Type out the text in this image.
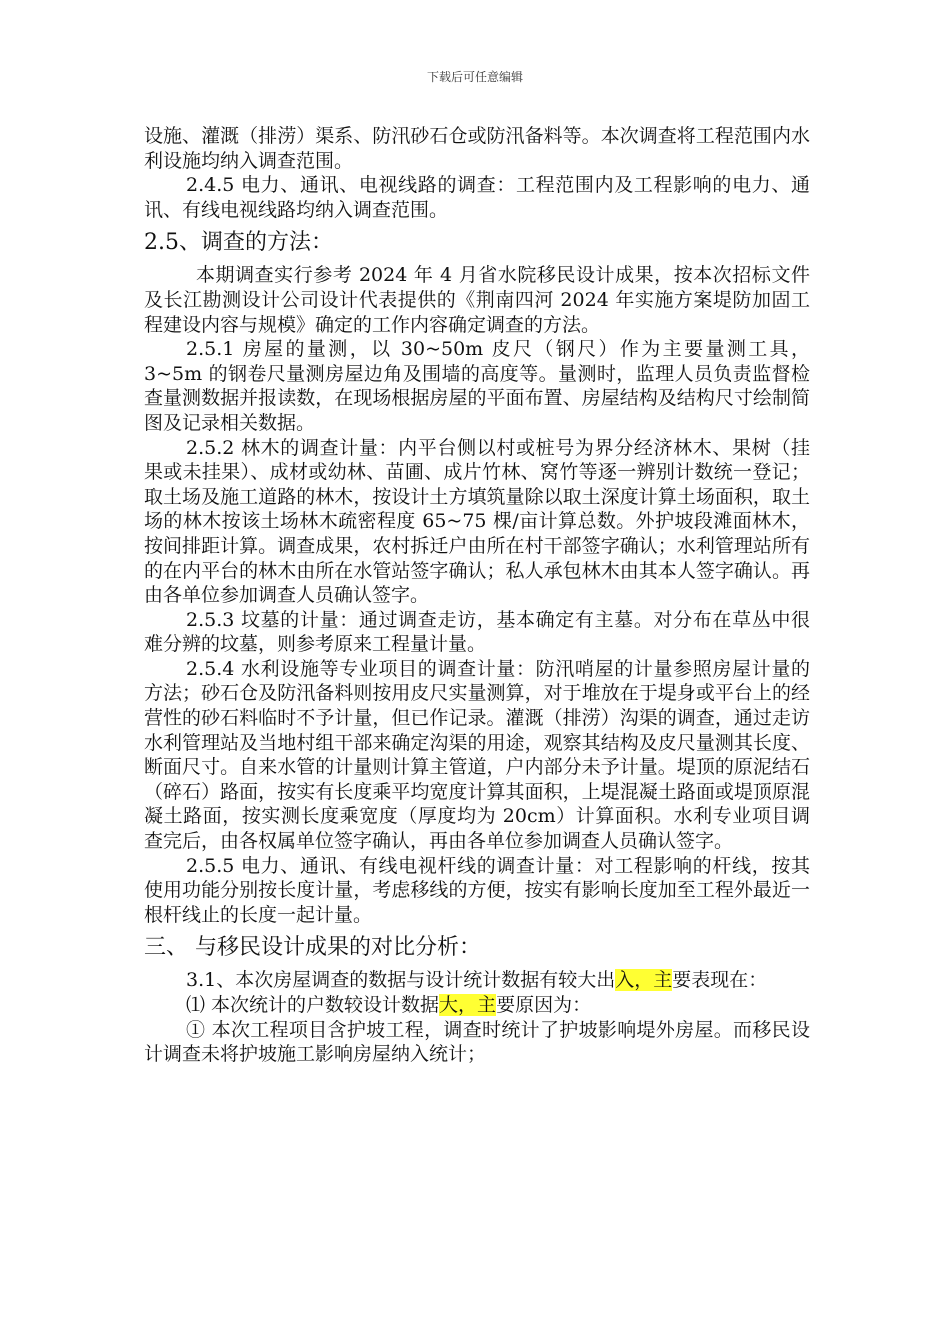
下载后可任意编辑

设施、灌溉（排涝）渠系、防汛砂石仓或防汛备料等。本次调查将工程范围内水利设施均纳入调查范围。

2.4.5 电力、通讯、电视线路的调查：工程范围内及工程影响的电力、通讯、有线电视线路均纳入调查范围。

2.5、调查的方法：

本期调查实行参考 2024 年 4 月省水院移民设计成果，按本次招标文件及长江勘测设计公司设计代表提供的《荆南四河 2024 年实施方案堤防加固工程建设内容与规模》确定的工作内容确定调查的方法。

2.5.1 房屋的量测，以 30~50m 皮尺（钢尺）作为主要量测工具，3~5m 的钢卷尺量测房屋边角及围墙的高度等。量测时，监理人员负责监督检查量测数据并报读数，在现场根据房屋的平面布置、房屋结构及结构尺寸绘制简图及记录相关数据。

2.5.2 林木的调查计量：内平台侧以村或桩号为界分经济林木、果树（挂果或未挂果）、成材或幼林、苗圃、成片竹林、窝竹等逐一辨别计数统一登记；取土场及施工道路的林木，按设计土方填筑量除以取土深度计算土场面积，取土场的林木按该土场林木疏密程度 65~75 棵/亩计算总数。外护坡段滩面林木，按间排距计算。调查成果，农村拆迁户由所在村干部签字确认；水利管理站所有的在内平台的林木由所在水管站签字确认；私人承包林木由其本人签字确认。再由各单位参加调查人员确认签字。

2.5.3 坟墓的计量：通过调查走访，基本确定有主墓。对分布在草丛中很难分辨的坟墓，则参考原来工程量计量。

2.5.4 水利设施等专业项目的调查计量：防汛哨屋的计量参照房屋计量的方法；砂石仓及防汛备料则按用皮尺实量测算，对于堆放在于堤身或平台上的经营性的砂石料临时不予计量，但已作记录。灌溉（排涝）沟渠的调查，通过走访水利管理站及当地村组干部来确定沟渠的用途，观察其结构及皮尺量测其长度、断面尺寸。自来水管的计量则计算主管道，户内部分未予计量。堤顶的原泥结石（碎石）路面，按实有长度乘平均宽度计算其面积，上堤混凝土路面或堤顶原混凝土路面，按实测长度乘宽度（厚度均为 20cm）计算面积。水利专业项目调查完后，由各权属单位签字确认，再由各单位参加调查人员确认签字。

2.5.5 电力、通讯、有线电视杆线的调查计量：对工程影响的杆线，按其使用功能分别按长度计量，考虑移线的方便，按实有影响长度加至工程外最近一根杆线止的长度一起计量。

三、 与移民设计成果的对比分析：

3.1、本次房屋调查的数据与设计统计数据有较大出入，主要表现在：

⑴ 本次统计的户数较设计数据大，主要原因为：

① 本次工程项目含护坡工程，调查时统计了护坡影响堤外房屋。而移民设计调查未将护坡施工影响房屋纳入统计；
